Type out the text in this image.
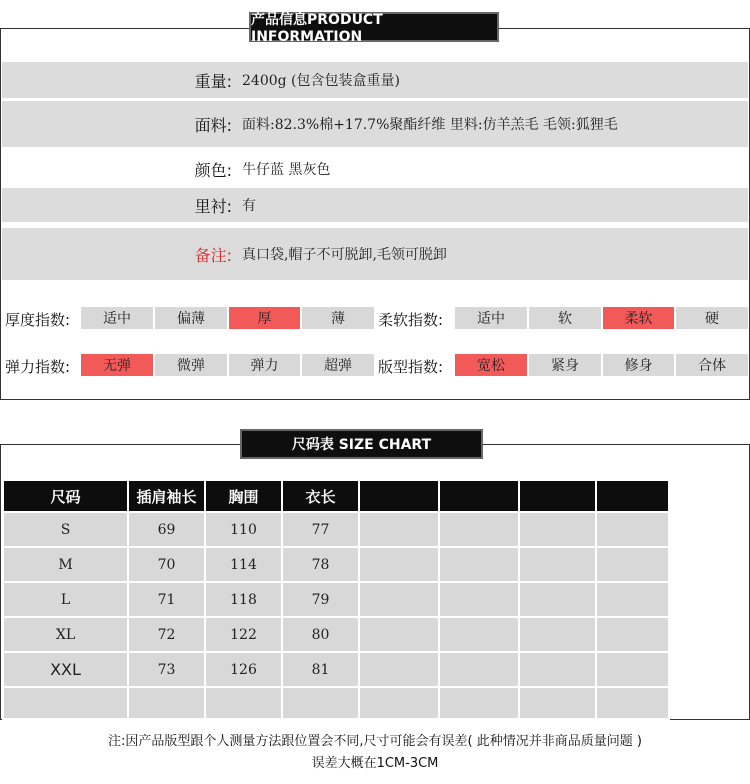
产品信息PRODUCT INFORMATION
重量: 2400g (包含包装盒重量)
面料: 面料:82.3%棉+17.7%聚酯纤维 里料:仿羊羔毛 毛领:狐狸毛
颜色: 牛仔蓝 黑灰色
里衬: 有
备注: 真口袋,帽子不可脱卸,毛领可脱卸
厚度指数:	适中	偏薄	厚	薄	柔软指数:	适中	软	柔软	硬
弹力指数:	无弹	微弹	弹力	超弹	版型指数:	宽松	紧身	修身	合体
尺码表 SIZE CHART
尺码	插肩袖长	胸围	衣长				
S	69	110	77				
M	70	114	78				
L	71	118	79				
XL	72	122	80				
XXL	73	126	81				

注:因产品版型跟个人测量方法跟位置会不同,尺寸可能会有误差( 此种情况并非商品质量问题 )
误差大概在1CM-3CM
